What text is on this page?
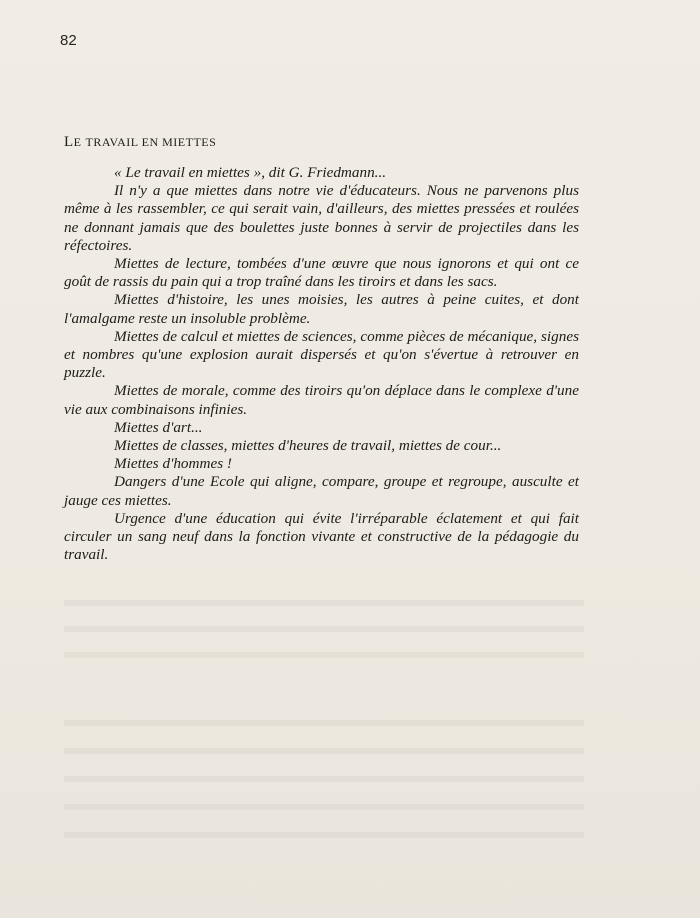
82
LE TRAVAIL EN MIETTES

« Le travail en miettes », dit G. Friedmann...

Il n'y a que miettes dans notre vie d'éducateurs. Nous ne parvenons plus même à les rassembler, ce qui serait vain, d'ailleurs, des miettes pressées et roulées ne donnant jamais que des boulettes juste bonnes à servir de projectiles dans les réfectoires.

Miettes de lecture, tombées d'une œuvre que nous ignorons et qui ont ce goût de rassis du pain qui a trop traîné dans les tiroirs et dans les sacs.

Miettes d'histoire, les unes moisies, les autres à peine cuites, et dont l'amalgame reste un insoluble problème.

Miettes de calcul et miettes de sciences, comme pièces de mécanique, signes et nombres qu'une explosion aurait dispersés et qu'on s'évertue à retrouver en puzzle.

Miettes de morale, comme des tiroirs qu'on déplace dans le complexe d'une vie aux combinaisons infinies.

Miettes d'art...

Miettes de classes, miettes d'heures de travail, miettes de cour...

Miettes d'hommes !

Dangers d'une Ecole qui aligne, compare, groupe et regroupe, ausculte et jauge ces miettes.

Urgence d'une éducation qui évite l'irréparable éclatement et qui fait circuler un sang neuf dans la fonction vivante et constructive de la pédagogie du travail.
